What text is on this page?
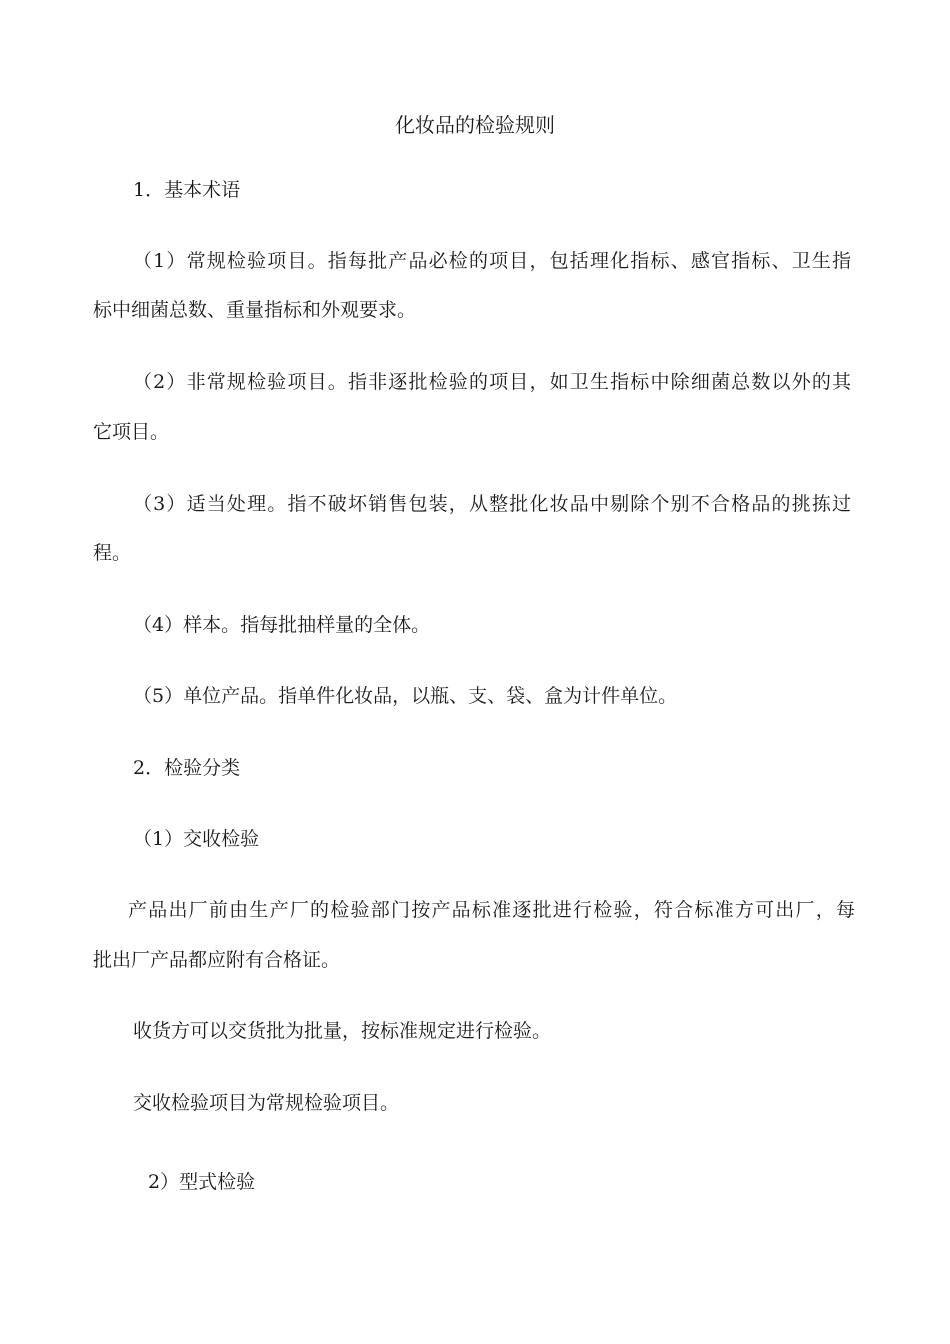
化妆品的检验规则
1．基本术语
（1）常规检验项目。指每批产品必检的项目，包括理化指标、感官指标、卫生指
标中细菌总数、重量指标和外观要求。
（2）非常规检验项目。指非逐批检验的项目，如卫生指标中除细菌总数以外的其
它项目。
（3）适当处理。指不破坏销售包装，从整批化妆品中剔除个别不合格品的挑拣过
程。
（4）样本。指每批抽样量的全体。
（5）单位产品。指单件化妆品，以瓶、支、袋、盒为计件单位。
2．检验分类
（1）交收检验
产品出厂前由生产厂的检验部门按产品标准逐批进行检验，符合标准方可出厂，每
批出厂产品都应附有合格证。
收货方可以交货批为批量，按标准规定进行检验。
交收检验项目为常规检验项目。
2）型式检验
